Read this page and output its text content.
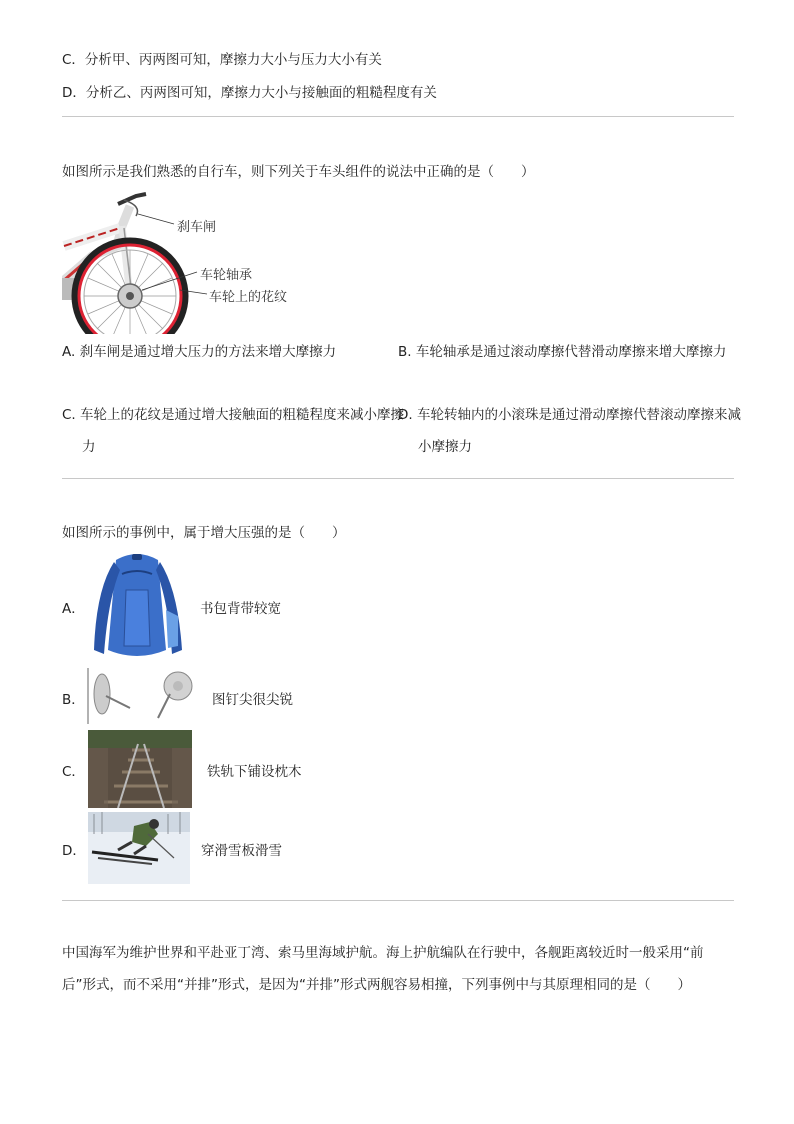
C．分析甲、丙两图可知，摩擦力大小与压力大小有关
D．分析乙、丙两图可知，摩擦力大小与接触面的粗糙程度有关
如图所示是我们熟悉的自行车，则下列关于车头组件的说法中正确的是（　　）
刹车闸
车轮轴承
车轮上的花纹
A. 刹车闸是通过增大压力的方法来增大摩擦力	B. 车轮轴承是通过滚动摩擦代替滑动摩擦来增大摩擦力
C. 车轮上的花纹是通过增大接触面的粗糙程度来减小摩擦力
D. 车轮转轴内的小滚珠是通过滑动摩擦代替滚动摩擦来减小摩擦力
如图所示的事例中，属于增大压强的是（　　）
A．	书包背带较宽
B．	图钉尖很尖锐
C．	铁轨下铺设枕木
D．	穿滑雪板滑雪
中国海军为维护世界和平赴亚丁湾、索马里海域护航。海上护航编队在行驶中，各舰距离较近时一般采用“前后”形式，而不采用“并排”形式，是因为“并排”形式两舰容易相撞，下列事例中与其原理相同的是（　　）
